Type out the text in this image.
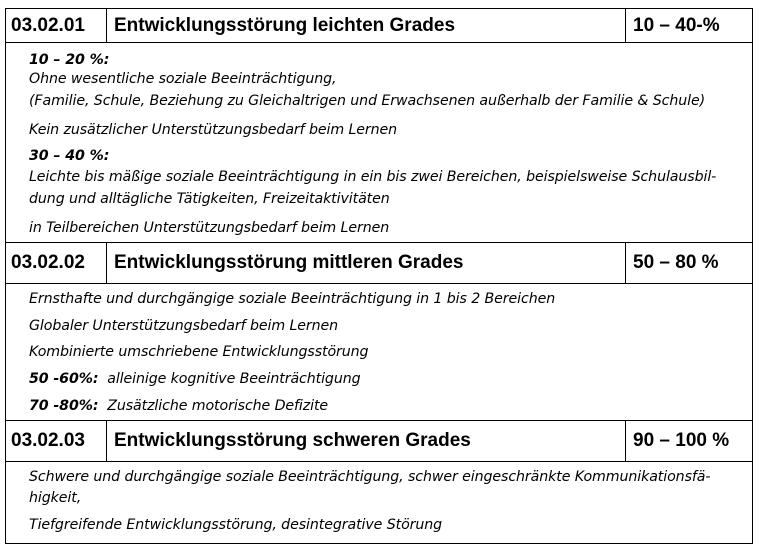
03.02.01	Entwicklungsstörung leichten Grades	10 – 40-%
10 – 20 %:
Ohne wesentliche soziale Beeinträchtigung,
(Familie, Schule, Beziehung zu Gleichaltrigen und Erwachsenen außerhalb der Familie & Schule)
Kein zusätzlicher Unterstützungsbedarf beim Lernen
30 – 40 %:
Leichte bis mäßige soziale Beeinträchtigung in ein bis zwei Bereichen, beispielsweise Schulausbil-
dung und alltägliche Tätigkeiten, Freizeitaktivitäten
in Teilbereichen Unterstützungsbedarf beim Lernen
03.02.02	Entwicklungsstörung mittleren Grades	50 – 80 %
Ernsthafte und durchgängige soziale Beeinträchtigung in 1 bis 2 Bereichen
Globaler Unterstützungsbedarf beim Lernen
Kombinierte umschriebene Entwicklungsstörung
50 -60%:  alleinige kognitive Beeinträchtigung
70 -80%:  Zusätzliche motorische Defizite
03.02.03	Entwicklungsstörung schweren Grades	90 – 100 %
Schwere und durchgängige soziale Beeinträchtigung, schwer eingeschränkte Kommunikationsfä-
higkeit,
Tiefgreifende Entwicklungsstörung, desintegrative Störung
